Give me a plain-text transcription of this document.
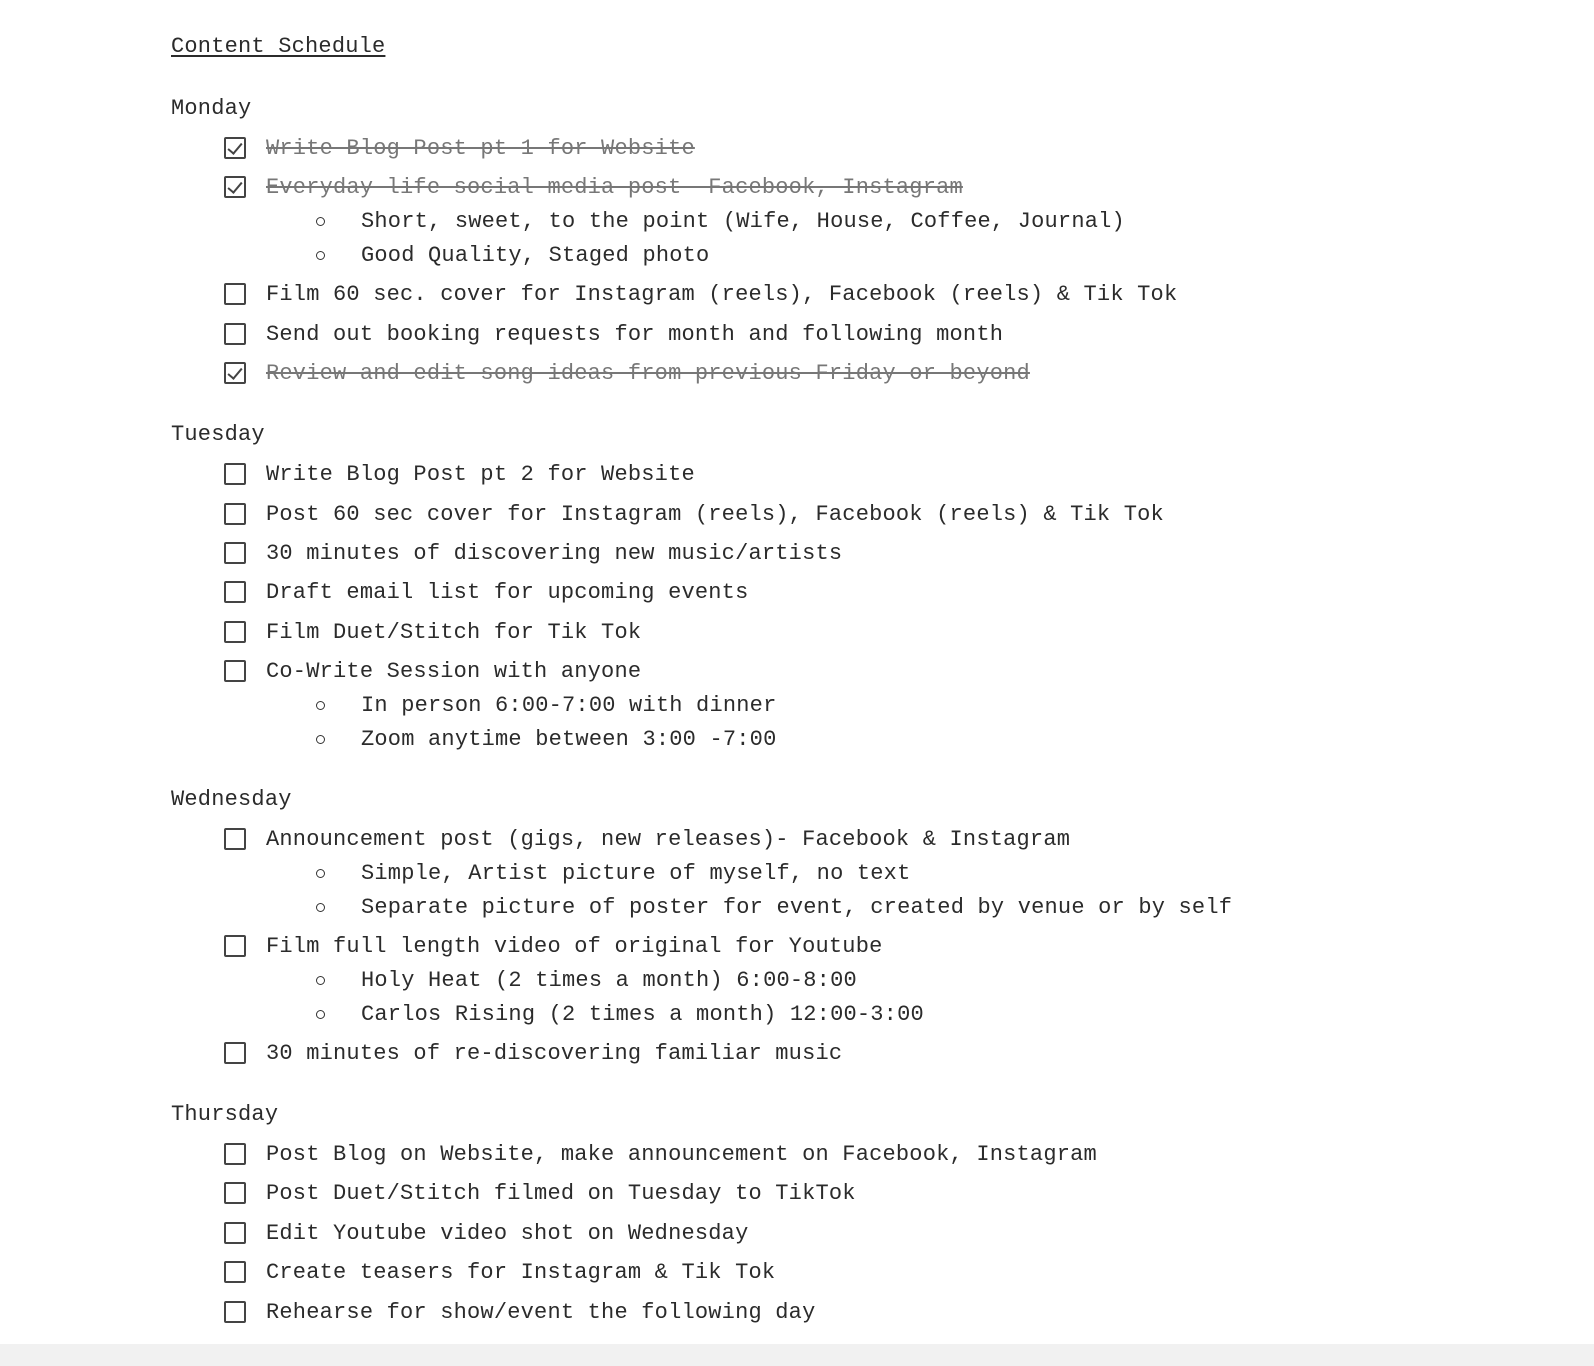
Content Schedule
Monday
Write Blog Post pt 1 for Website
Everyday life social media post- Facebook, Instagram
Short, sweet, to the point (Wife, House, Coffee, Journal)
Good Quality, Staged photo
Film 60 sec. cover for Instagram (reels), Facebook (reels) & Tik Tok
Send out booking requests for month and following month
Review and edit song ideas from previous Friday or beyond
Tuesday
Write Blog Post pt 2 for Website
Post 60 sec cover for Instagram (reels), Facebook (reels) & Tik Tok
30 minutes of discovering new music/artists
Draft email list for upcoming events
Film Duet/Stitch for Tik Tok
Co-Write Session with anyone
In person 6:00-7:00 with dinner
Zoom anytime between 3:00 -7:00
Wednesday
Announcement post (gigs, new releases)- Facebook & Instagram
Simple, Artist picture of myself, no text
Separate picture of poster for event, created by venue or by self
Film full length video of original for Youtube
Holy Heat (2 times a month) 6:00-8:00
Carlos Rising (2 times a month) 12:00-3:00
30 minutes of re-discovering familiar music
Thursday
Post Blog on Website, make announcement on Facebook, Instagram
Post Duet/Stitch filmed on Tuesday to TikTok
Edit Youtube video shot on Wednesday
Create teasers for Instagram & Tik Tok
Rehearse for show/event the following day
